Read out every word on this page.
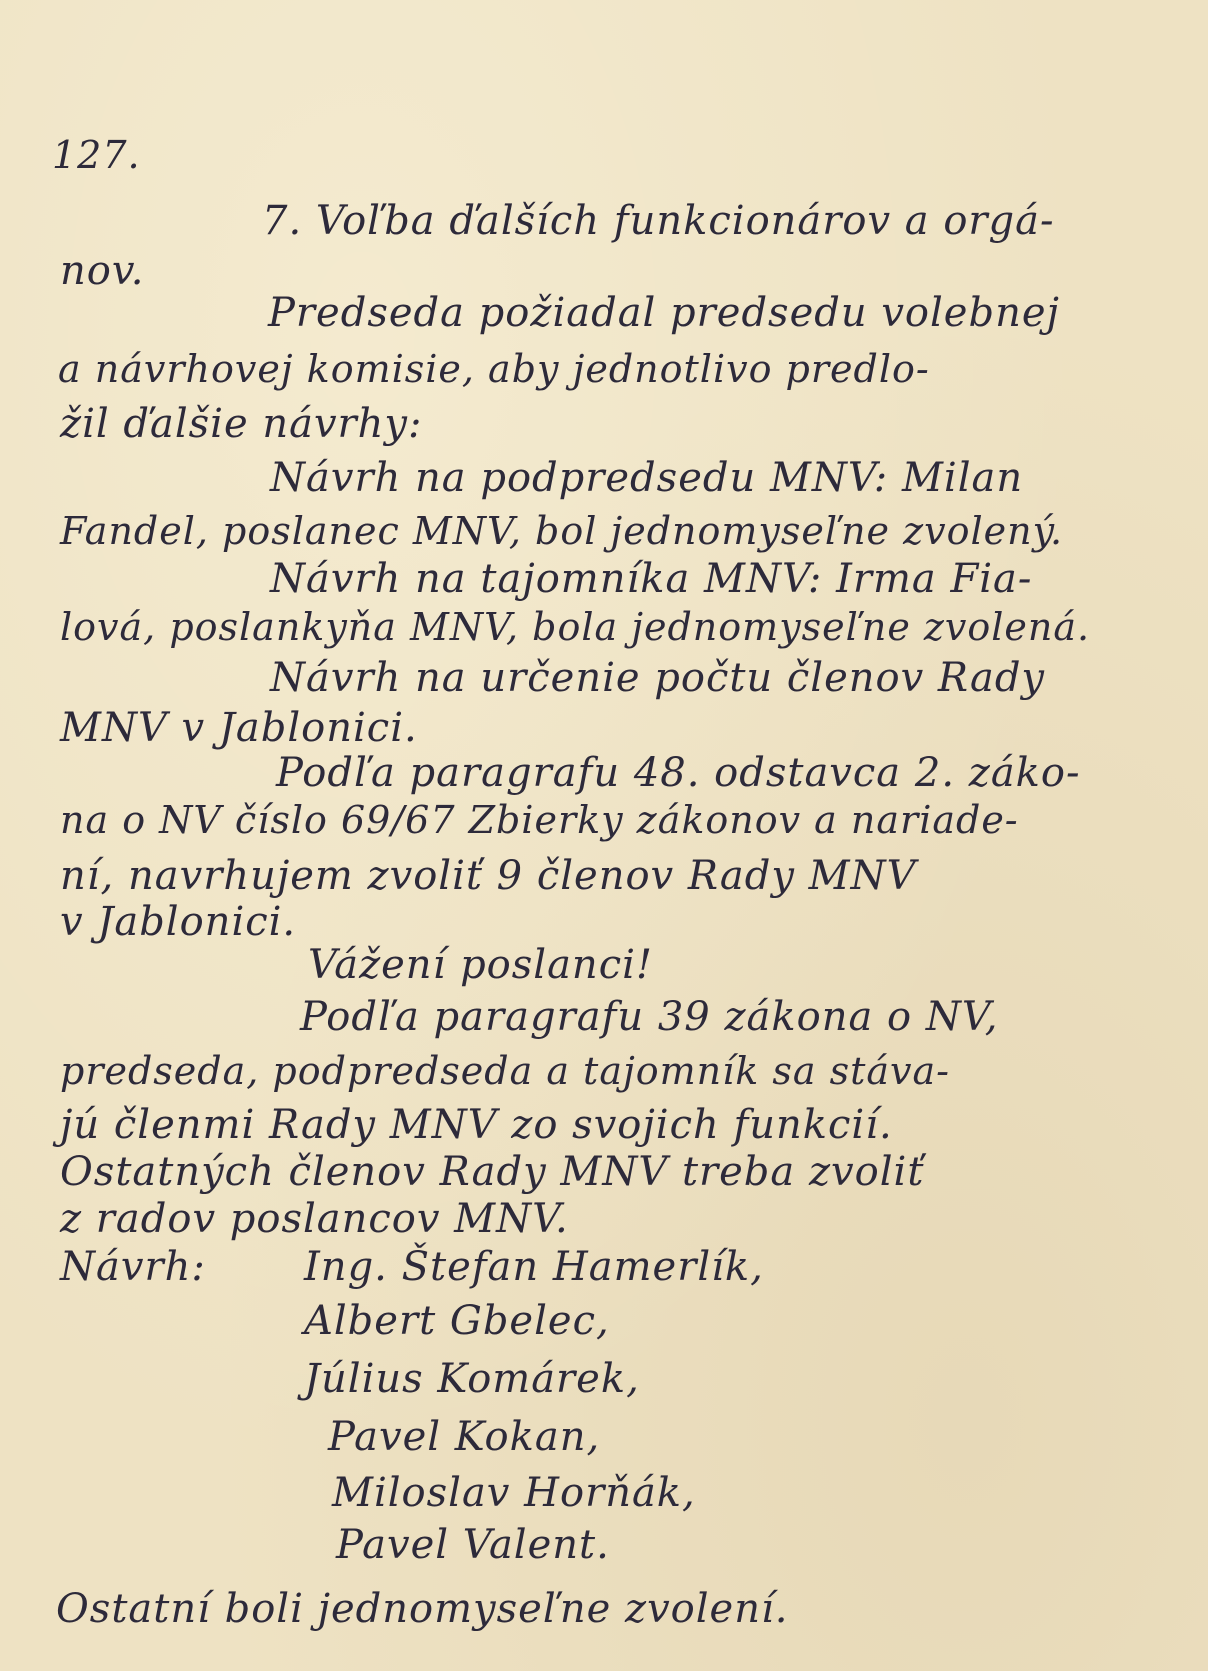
127.
7. Voľba ďalších funkcionárov a orgá-
nov.
Predseda požiadal predsedu volebnej
a návrhovej komisie, aby jednotlivo predlo-
žil ďalšie návrhy:
Návrh na podpredsedu MNV: Milan
Fandel, poslanec MNV, bol jednomyseľne zvolený.
Návrh na tajomníka MNV: Irma Fia-
lová, poslankyňa MNV, bola jednomyseľne zvolená.
Návrh na určenie počtu členov Rady
MNV v Jablonici.
Podľa paragrafu 48. odstavca 2. záko-
na o NV číslo 69/67 Zbierky zákonov a nariade-
ní, navrhujem zvoliť 9 členov Rady MNV
v Jablonici.
Vážení poslanci!
Podľa paragrafu 39 zákona o NV,
predseda, podpredseda a tajomník sa stáva-
jú členmi Rady MNV zo svojich funkcií.
Ostatných členov Rady MNV treba zvoliť
z radov poslancov MNV.
Návrh: Ing. Štefan Hamerlík,
Albert Gbelec,
Július Komárek,
Pavel Kokan,
Miloslav Horňák,
Pavel Valent.
Ostatní boli jednomyseľne zvolení.
